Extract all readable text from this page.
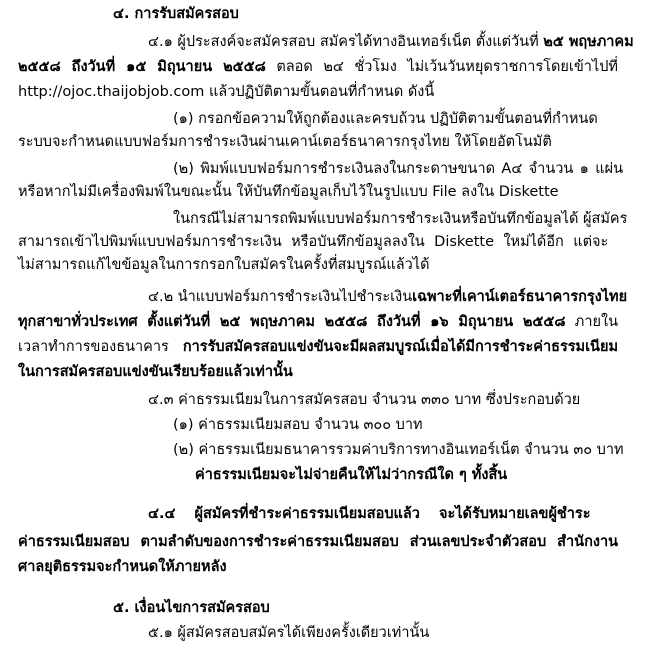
๔. การรับสมัครสอบ
๔.๑ ผู้ประสงค์จะสมัครสอบ สมัครได้ทางอินเทอร์เน็ต ตั้งแต่วันที่ ๒๕ พฤษภาคม
๒๕๕๘ ถึงวันที่ ๑๕ มิถุนายน ๒๕๕๘ ตลอด ๒๔ ชั่วโมง ไม่เว้นวันหยุดราชการโดยเข้าไปที่
http://ojoc.thaijobjob.com แล้วปฏิบัติตามขั้นตอนที่กำหนด ดังนี้
(๑) กรอกข้อความให้ถูกต้องและครบถ้วน ปฏิบัติตามขั้นตอนที่กำหนด
ระบบจะกำหนดแบบฟอร์มการชำระเงินผ่านเคาน์เตอร์ธนาคารกรุงไทย ให้โดยอัตโนมัติ
(๒) พิมพ์แบบฟอร์มการชำระเงินลงในกระดาษขนาด A๔ จำนวน ๑ แผ่น
หรือหากไม่มีเครื่องพิมพ์ในขณะนั้น ให้บันทึกข้อมูลเก็บไว้ในรูปแบบ File ลงใน Diskette
ในกรณีไม่สามารถพิมพ์แบบฟอร์มการชำระเงินหรือบันทึกข้อมูลได้ ผู้สมัคร
สามารถเข้าไปพิมพ์แบบฟอร์มการชำระเงิน หรือบันทึกข้อมูลลงใน Diskette ใหม่ได้อีก แต่จะ
ไม่สามารถแก้ไขข้อมูลในการกรอกใบสมัครในครั้งที่สมบูรณ์แล้วได้
๔.๒ นำแบบฟอร์มการชำระเงินไปชำระเงินเฉพาะที่เคาน์เตอร์ธนาคารกรุงไทย
ทุกสาขาทั่วประเทศ ตั้งแต่วันที่ ๒๕ พฤษภาคม ๒๕๕๘ ถึงวันที่ ๑๖ มิถุนายน ๒๕๕๘ ภายใน
เวลาทำการของธนาคาร การรับสมัครสอบแข่งขันจะมีผลสมบูรณ์เมื่อได้มีการชำระค่าธรรมเนียม
ในการสมัครสอบแข่งขันเรียบร้อยแล้วเท่านั้น
๔.๓ ค่าธรรมเนียมในการสมัครสอบ จำนวน ๓๓๐ บาท ซึ่งประกอบด้วย
(๑) ค่าธรรมเนียมสอบ จำนวน ๓๐๐ บาท
(๒) ค่าธรรมเนียมธนาคารรวมค่าบริการทางอินเทอร์เน็ต จำนวน ๓๐ บาท
ค่าธรรมเนียมจะไม่จ่ายคืนให้ไม่ว่ากรณีใด ๆ ทั้งสิ้น
๔.๔ ผู้สมัครที่ชำระค่าธรรมเนียมสอบแล้ว จะได้รับหมายเลขผู้ชำระ
ค่าธรรมเนียมสอบ ตามลำดับของการชำระค่าธรรมเนียมสอบ ส่วนเลขประจำตัวสอบ สำนักงาน
ศาลยุติธรรมจะกำหนดให้ภายหลัง
๕. เงื่อนไขการสมัครสอบ
๕.๑ ผู้สมัครสอบสมัครได้เพียงครั้งเดียวเท่านั้น
